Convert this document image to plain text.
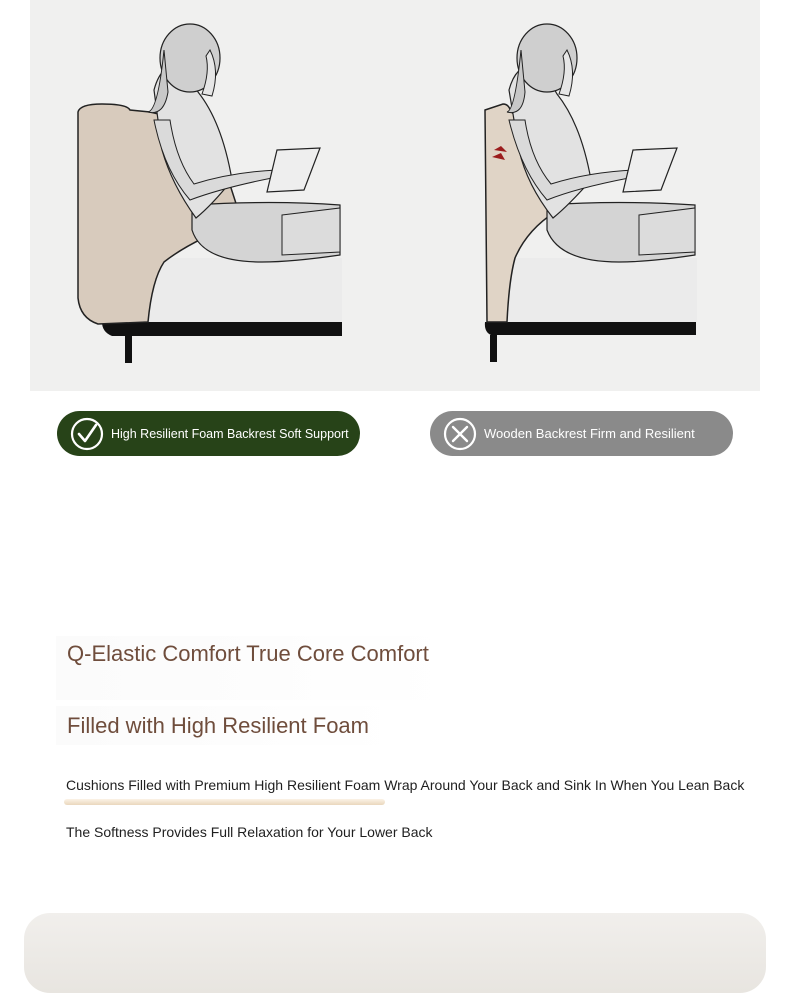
High Resilient Foam Backrest Soft Support	Wooden Backrest Firm and Resilient
Q-Elastic Comfort True Core Comfort
Filled with High Resilient Foam
Cushions Filled with Premium High Resilient Foam Wrap Around Your Back and Sink In When You Lean Back
The Softness Provides Full Relaxation for Your Lower Back
